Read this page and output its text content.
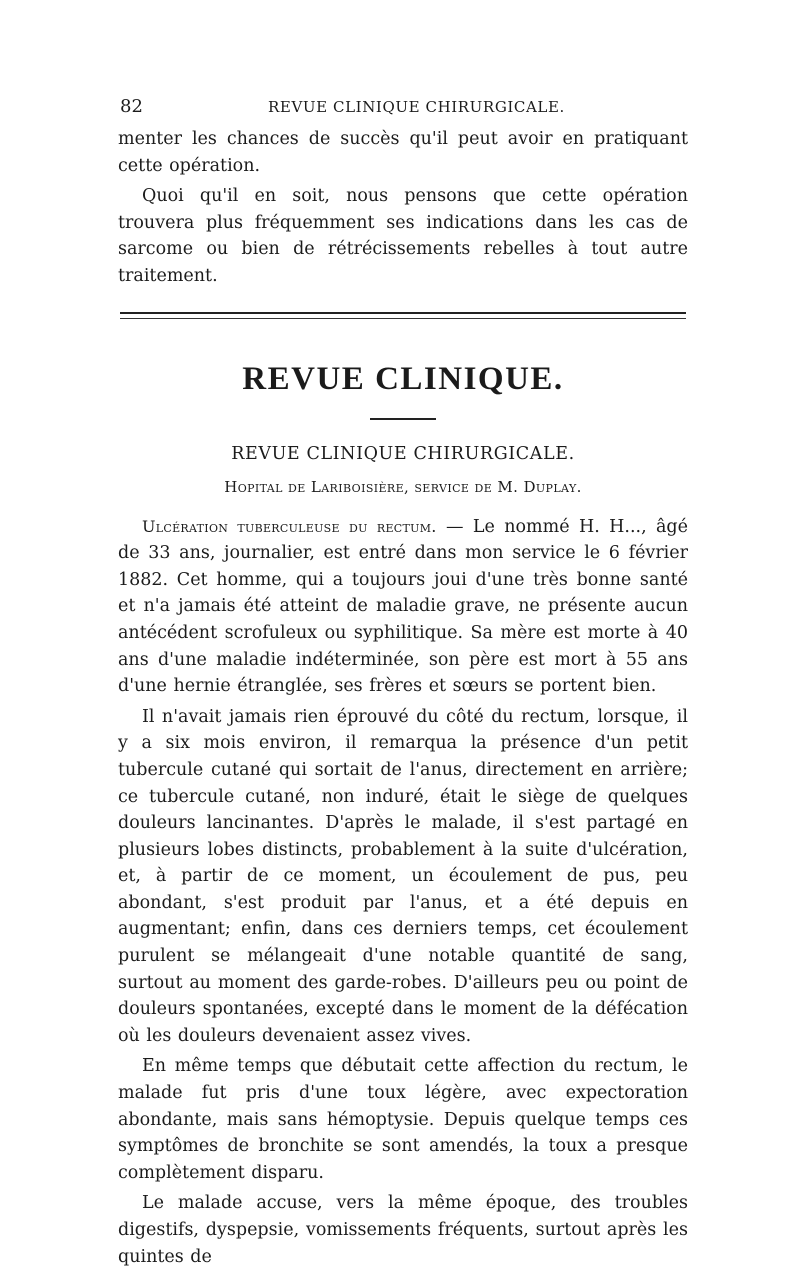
82	REVUE CLINIQUE CHIRURGICALE.

menter les chances de succès qu'il peut avoir en pratiquant cette opération.

Quoi qu'il en soit, nous pensons que cette opération trouvera plus fréquemment ses indications dans les cas de sarcome ou bien de rétrécissements rebelles à tout autre traitement.

REVUE CLINIQUE.
REVUE CLINIQUE CHIRURGICALE.
Hopital de Lariboisière, service de M. Duplay.

Ulcération tuberculeuse du rectum. — Le nommé H. H..., âgé de 33 ans, journalier, est entré dans mon service le 6 février 1882. Cet homme, qui a toujours joui d'une très bonne santé et n'a jamais été atteint de maladie grave, ne présente aucun antécédent scrofuleux ou syphilitique. Sa mère est morte à 40 ans d'une maladie indéterminée, son père est mort à 55 ans d'une hernie étranglée, ses frères et sœurs se portent bien.

Il n'avait jamais rien éprouvé du côté du rectum, lorsque, il y a six mois environ, il remarqua la présence d'un petit tubercule cutané qui sortait de l'anus, directement en arrière; ce tubercule cutané, non induré, était le siège de quelques douleurs lancinantes. D'après le malade, il s'est partagé en plusieurs lobes distincts, probablement à la suite d'ulcération, et, à partir de ce moment, un écoulement de pus, peu abondant, s'est produit par l'anus, et a été depuis en augmentant; enfin, dans ces derniers temps, cet écoulement purulent se mélangeait d'une notable quantité de sang, surtout au moment des garde-robes. D'ailleurs peu ou point de douleurs spontanées, excepté dans le moment de la défécation où les douleurs devenaient assez vives.

En même temps que débutait cette affection du rectum, le malade fut pris d'une toux légère, avec expectoration abondante, mais sans hémoptysie. Depuis quelque temps ces symptômes de bronchite se sont amendés, la toux a presque complètement disparu.

Le malade accuse, vers la même époque, des troubles digestifs, dyspepsie, vomissements fréquents, surtout après les quintes de
